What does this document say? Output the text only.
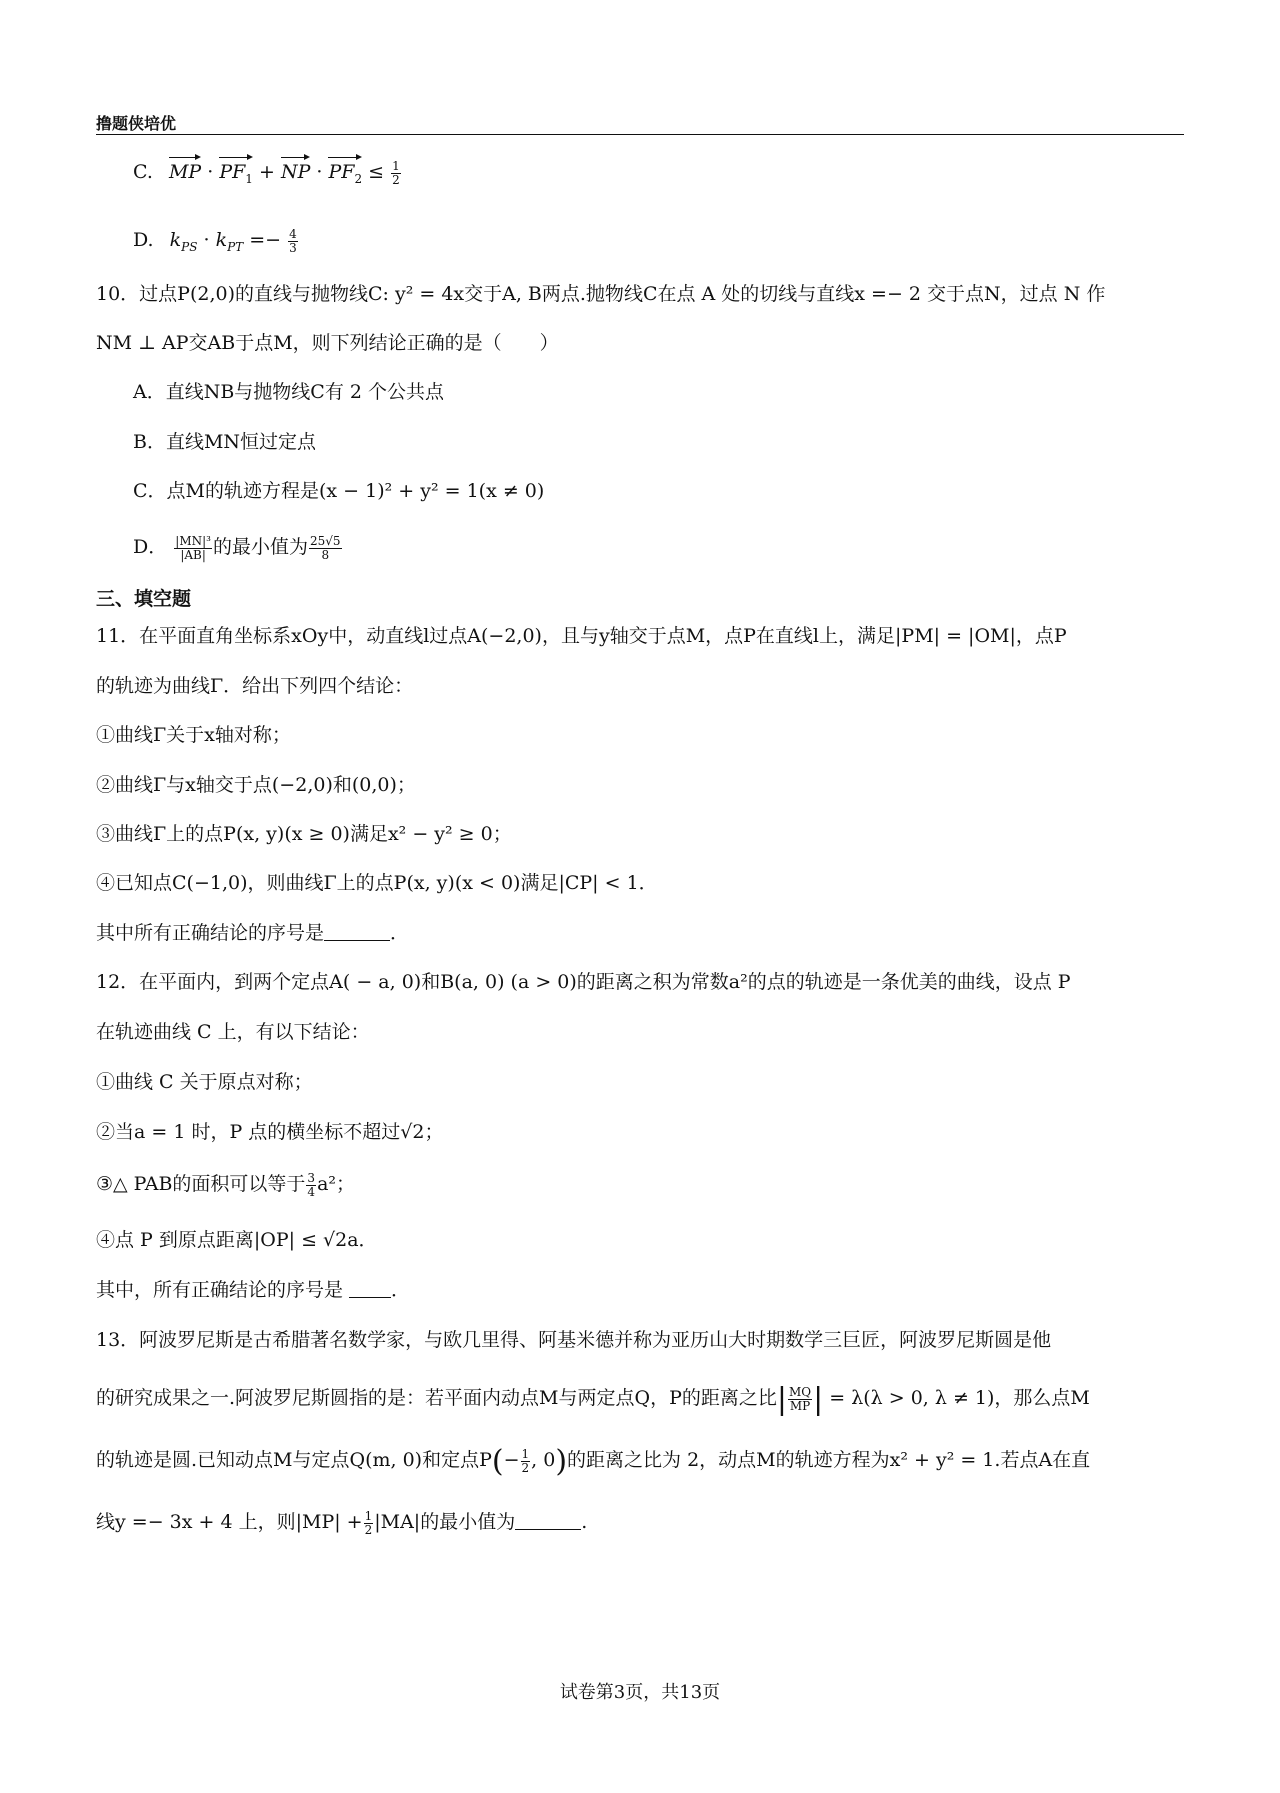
撸题侠培优
C. MP · $PF_1$ + NP · $PF_2 \le \frac{1}{2}$
D. $k_{PS} \cdot k_{PT} =- \frac{4}{3}$
10．过点P(2,0)的直线与抛物线C: y² = 4x交于A, B两点.抛物线C在点 A 处的切线与直线x =− 2 交于点N，过点 N 作
NM ⊥ AP交AB于点M，则下列结论正确的是（　　）
A．直线NB与抛物线C有 2 个公共点
B．直线MN恒过定点
C．点M的轨迹方程是(x − 1)² + y² = 1(x ≠ 0)
D． $\frac{\text{|MN|³}}{|AB|}$ 的最小值为 $\frac{25√5}{8}$
三、填空题
11．在平面直角坐标系xOy中，动直线l过点A(−2,0)，且与y轴交于点M，点P在直线l上，满足|PM| = |OM|，点P
的轨迹为曲线Γ．给出下列四个结论：
①曲线Γ关于x轴对称；
②曲线Γ与x轴交于点(−2,0)和(0,0)；
③曲线Γ上的点P(x, y)(x ≥ 0)满足x² − y² ≥ 0；
④已知点C(−1,0)，则曲线Γ上的点P(x, y)(x < 0)满足|CP| < 1．
其中所有正确结论的序号是	．
12．在平面内，到两个定点A( − a, 0)和B(a, 0) (a > 0)的距离之积为常数a²的点的轨迹是一条优美的曲线，设点 P
在轨迹曲线 C 上，有以下结论：
①曲线 C 关于原点对称；
②当a = 1 时，P 点的横坐标不超过√2；
③△ PAB的面积可以等于 $\frac{3}{4} a^2$；
④点 P 到原点距离|OP| ≤ √2a．
其中，所有正确结论的序号是 ．
13．阿波罗尼斯是古希腊著名数学家，与欧几里得、阿基米德并称为亚历山大时期数学三巨匠，阿波罗尼斯圆是他
的研究成果之一.阿波罗尼斯圆指的是：若平面内动点M与两定点Q，P的距离之比| $\frac{MQ}{MP}$ | = λ(λ > 0, λ ≠ 1)，那么点M
的轨迹是圆.已知动点M与定点Q(m, 0)和定点$P(- \frac{1}{2}$ , 0)的距离之比为 2，动点M的轨迹方程为x² + y² = 1.若点A在直
线y =− 3x + 4 上，则$|MP| + \frac{1}{2} |MA|$的最小值为	.
试卷第3页，共13页
